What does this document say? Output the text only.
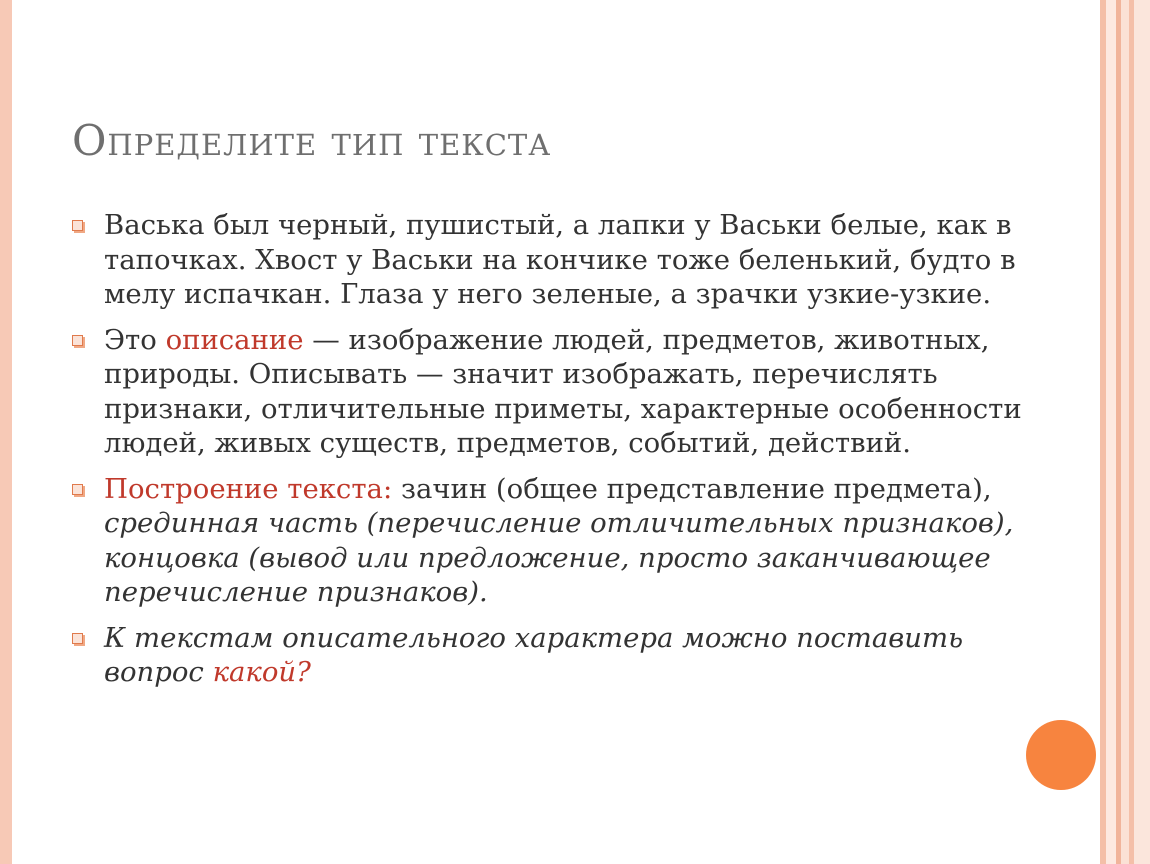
Определите тип текста
Васька был черный, пушистый, а лапки у Васьки белые, как в тапочках. Хвост у Васьки на кончике тоже беленький, будто в мелу испачкан. Глаза у него зеленые, а зрачки узкие-узкие.
Это описание — изображение людей, предметов, животных, природы. Описывать — значит изображать, перечислять признаки, отличительные приметы, характерные особенности людей, живых существ, предметов, событий, действий.
Построение текста: зачин (общее представление предмета), срединная часть (перечисление отличительных признаков), концовка (вывод или предложение, просто заканчивающее перечисление признаков).
К текстам описательного характера можно поставить вопрос какой?
